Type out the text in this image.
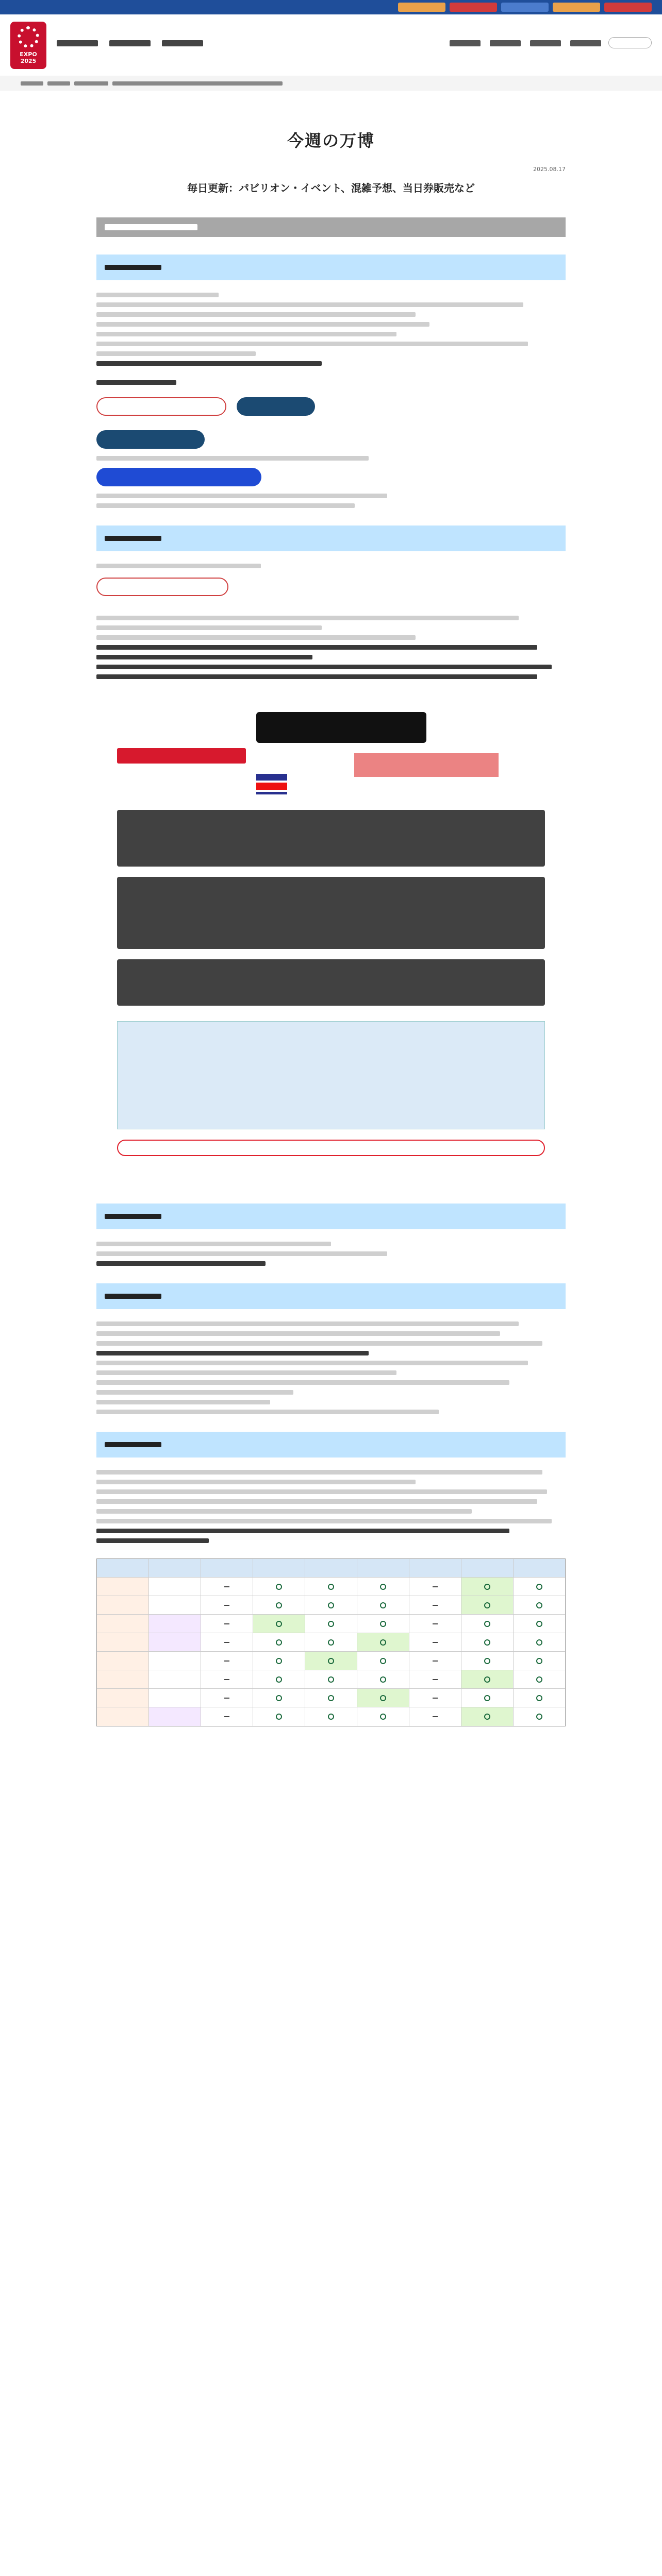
EXPO
2025
今週の万博
2025.08.17
毎日更新：パビリオン・イベント、混雑予想、当日券販売など
